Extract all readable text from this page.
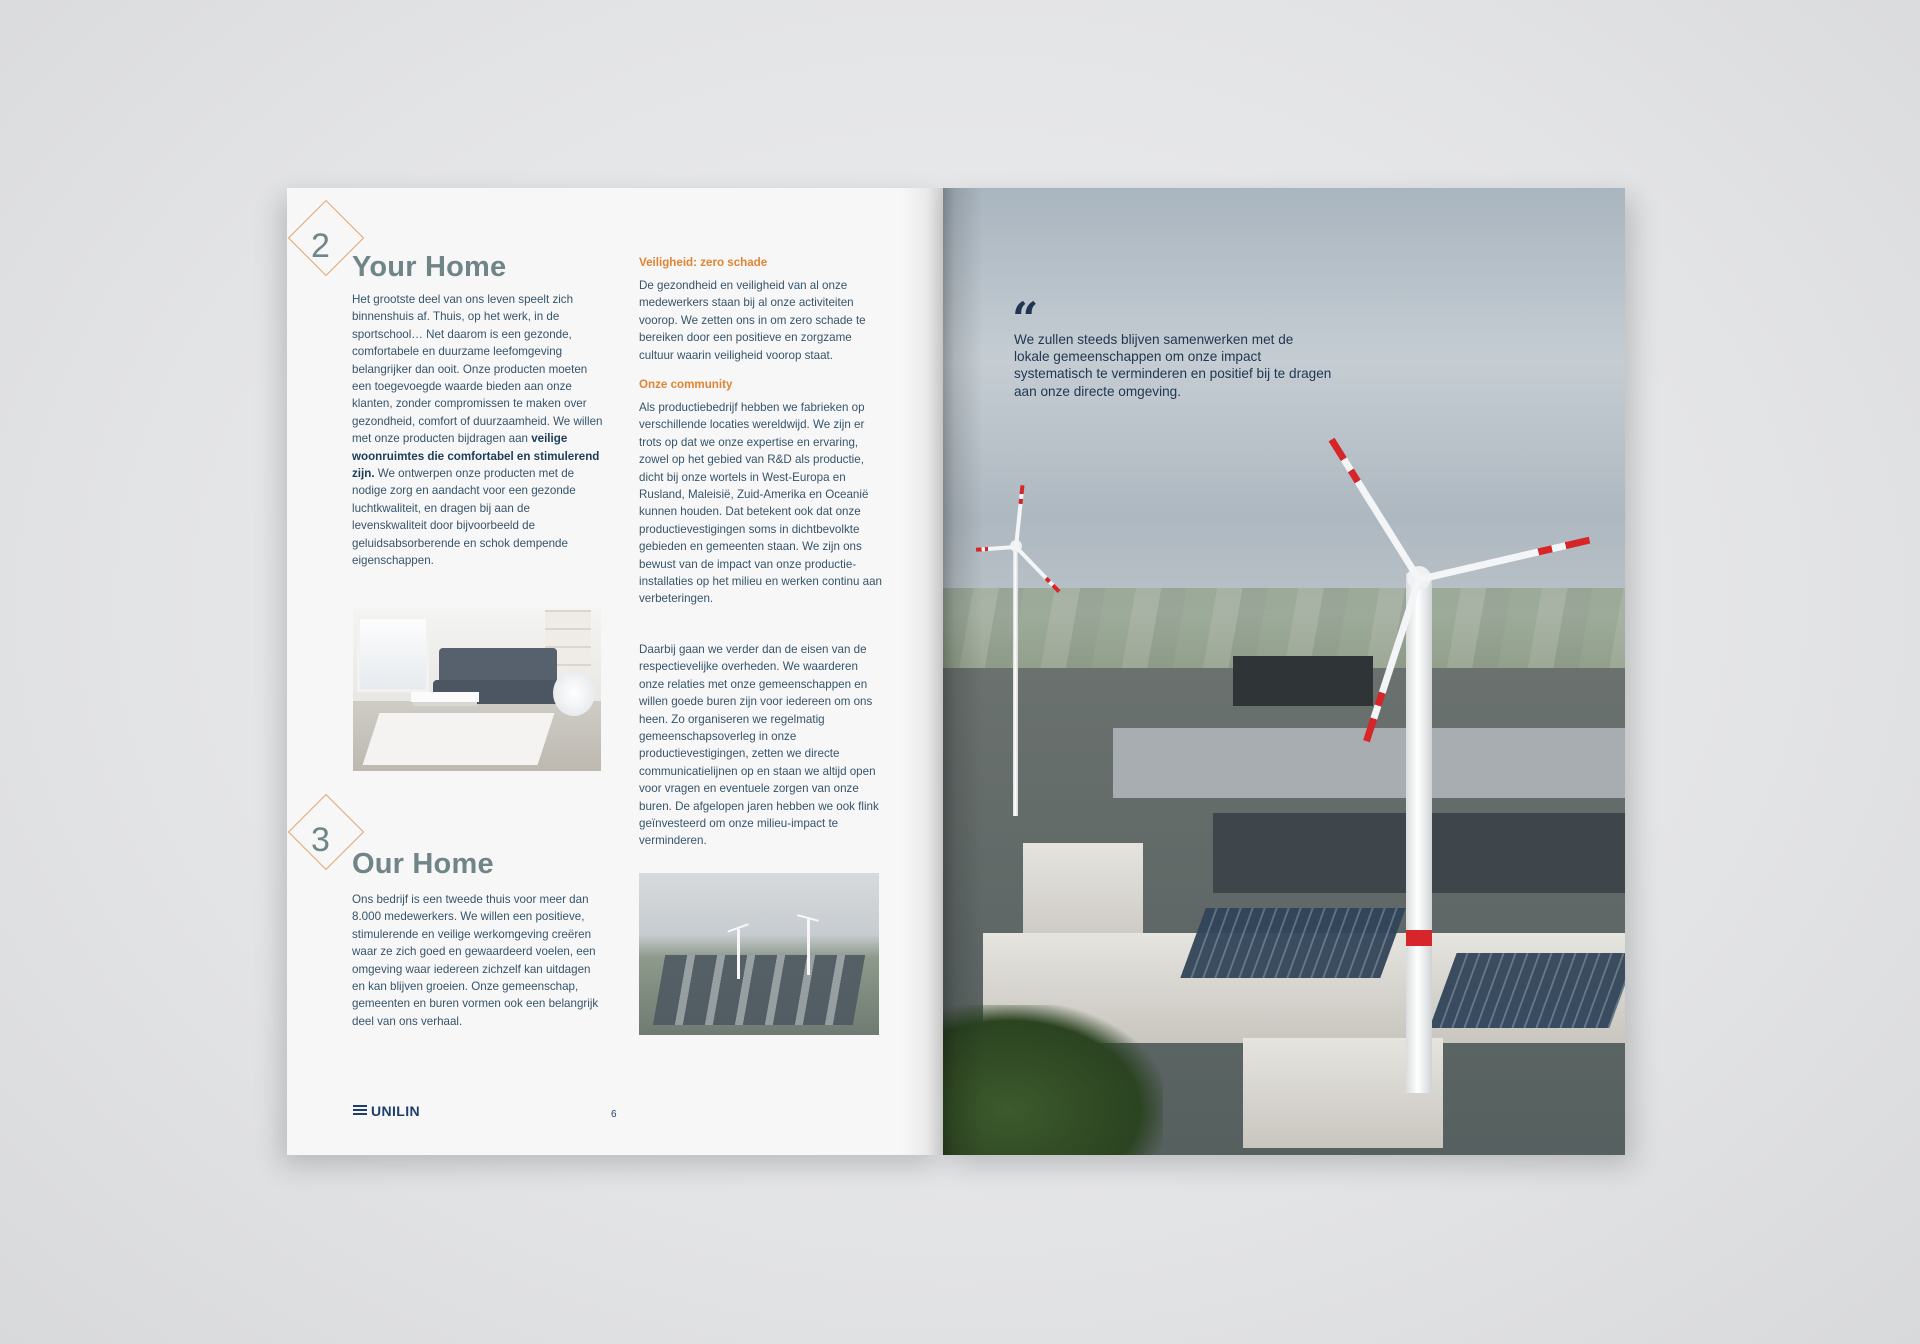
2
Your Home
Het grootste deel van ons leven speelt zich binnenshuis af. Thuis, op het werk, in de sportschool… Net daarom is een gezonde, comfortabele en duurzame leefomgeving belangrijker dan ooit. Onze producten moeten een toegevoegde waarde bieden aan onze klanten, zonder compromissen te maken over gezondheid, comfort of duurzaamheid. We willen met onze producten bijdragen aan veilige woonruimtes die comfortabel en stimulerend zijn. We ontwerpen onze producten met de nodige zorg en aandacht voor een gezonde luchtkwaliteit, en dragen bij aan de levenskwaliteit door bijvoorbeeld de geluidsabsorberende en schok dempende eigenschappen.
3
Our Home
Ons bedrijf is een tweede thuis voor meer dan 8.000 medewerkers. We willen een positieve, stimulerende en veilige werkomgeving creëren waar ze zich goed en gewaardeerd voelen, een omgeving waar iedereen zichzelf kan uitdagen en kan blijven groeien. Onze gemeenschap, gemeenten en buren vormen ook een belangrijk deel van ons verhaal.
Veiligheid: zero schade
De gezondheid en veiligheid van al onze medewerkers staan bij al onze activiteiten voorop. We zetten ons in om zero schade te bereiken door een positieve en zorgzame cultuur waarin veiligheid voorop staat.
Onze community
Als productiebedrijf hebben we fabrieken op verschillende locaties wereldwijd. We zijn er trots op dat we onze expertise en ervaring, zowel op het gebied van R&D als productie, dicht bij onze wortels in West-Europa en Rusland, Maleisië, Zuid-Amerika en Oceanië kunnen houden. Dat betekent ook dat onze productievestigingen soms in dichtbevolkte gebieden en gemeenten staan. We zijn ons bewust van de impact van onze productie-installaties op het milieu en werken continu aan verbeteringen.
Daarbij gaan we verder dan de eisen van de respectievelijke overheden. We waarderen onze relaties met onze gemeenschappen en willen goede buren zijn voor iedereen om ons heen. Zo organiseren we regelmatig gemeenschapsoverleg in onze productievestigingen, zetten we directe communicatielijnen op en staan we altijd open voor vragen en eventuele zorgen van onze buren. De afgelopen jaren hebben we ook flink geïnvesteerd om onze milieu-impact te verminderen.
UNILIN	6
“
We zullen steeds blijven samenwerken met de lokale gemeenschappen om onze impact systematisch te verminderen en positief bij te dragen aan onze directe omgeving.
